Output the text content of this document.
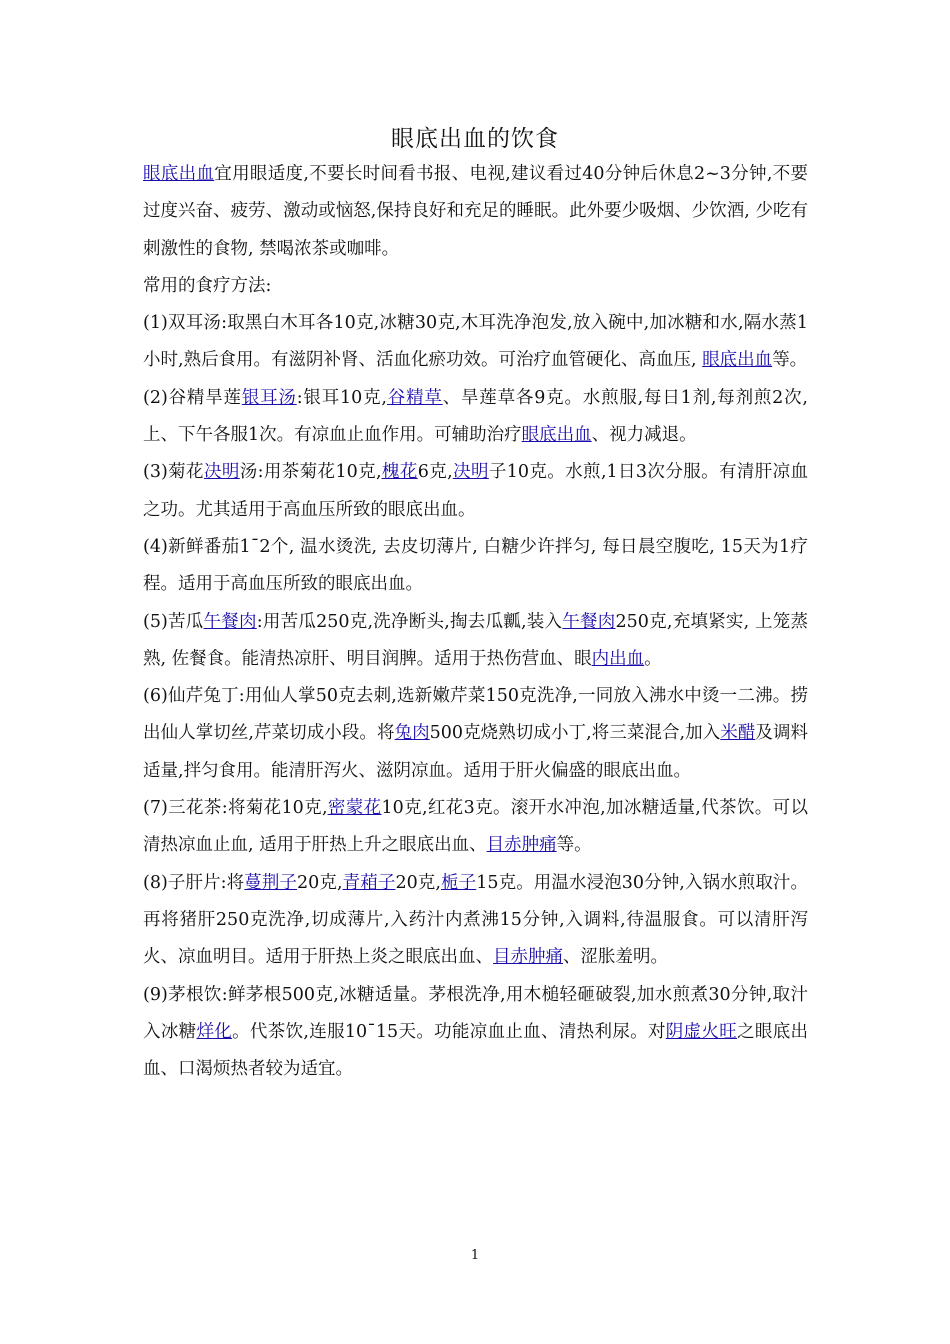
眼底出血的饮食

眼底出血宜用眼适度,不要长时间看书报、电视,建议看过40分钟后休息2~3分钟,不要过度兴奋、疲劳、激动或恼怒,保持良好和充足的睡眠。此外要少吸烟、少饮酒, 少吃有刺激性的食物, 禁喝浓茶或咖啡。

常用的食疗方法:

(1)双耳汤:取黑白木耳各10克,冰糖30克,木耳洗净泡发,放入碗中,加冰糖和水,隔水蒸1小时,熟后食用。有滋阴补肾、活血化瘀功效。可治疗血管硬化、高血压, 眼底出血等。

(2)谷精旱莲银耳汤:银耳10克,谷精草、旱莲草各9克。水煎服,每日1剂,每剂煎2次,上、下午各服1次。有凉血止血作用。可辅助治疗眼底出血、视力减退。

(3)菊花决明汤:用茶菊花10克,槐花6克,决明子10克。水煎,1日3次分服。有清肝凉血之功。尤其适用于高血压所致的眼底出血。

(4)新鲜番茄1¯2个, 温水烫洗, 去皮切薄片, 白糖少许拌匀, 每日晨空腹吃, 15天为1疗程。适用于高血压所致的眼底出血。

(5)苦瓜午餐肉:用苦瓜250克,洗净断头,掏去瓜瓤,装入午餐肉250克,充填紧实, 上笼蒸熟, 佐餐食。能清热凉肝、明目润脾。适用于热伤营血、眼内出血。

(6)仙芹兔丁:用仙人掌50克去刺,选新嫩芹菜150克洗净,一同放入沸水中烫一二沸。捞出仙人掌切丝,芹菜切成小段。将兔肉500克烧熟切成小丁,将三菜混合,加入米醋及调料适量,拌匀食用。能清肝泻火、滋阴凉血。适用于肝火偏盛的眼底出血。

(7)三花茶:将菊花10克,密蒙花10克,红花3克。滚开水冲泡,加冰糖适量,代茶饮。可以清热凉血止血, 适用于肝热上升之眼底出血、目赤肿痛等。

(8)子肝片:将蔓荆子20克,青葙子20克,栀子15克。用温水浸泡30分钟,入锅水煎取汁。再将猪肝250克洗净,切成薄片,入药汁内煮沸15分钟,入调料,待温服食。可以清肝泻火、凉血明目。适用于肝热上炎之眼底出血、目赤肿痛、涩胀羞明。

(9)茅根饮:鲜茅根500克,冰糖适量。茅根洗净,用木槌轻砸破裂,加水煎煮30分钟,取汁入冰糖烊化。代茶饮,连服10¯15天。功能凉血止血、清热利尿。对阴虚火旺之眼底出血、口渴烦热者较为适宜。

1
